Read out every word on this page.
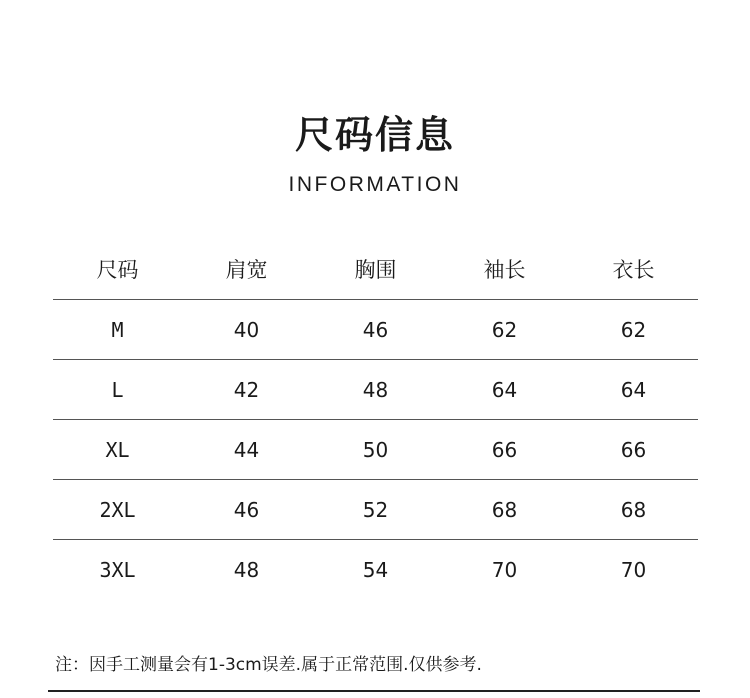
尺码信息
INFORMATION
尺码	肩宽	胸围	袖长	衣长
M	40	46	62	62
L	42	48	64	64
XL	44	50	66	66
2XL	46	52	68	68
3XL	48	54	70	70
注：因手工测量会有1-3cm误差.属于正常范围.仅供参考.
